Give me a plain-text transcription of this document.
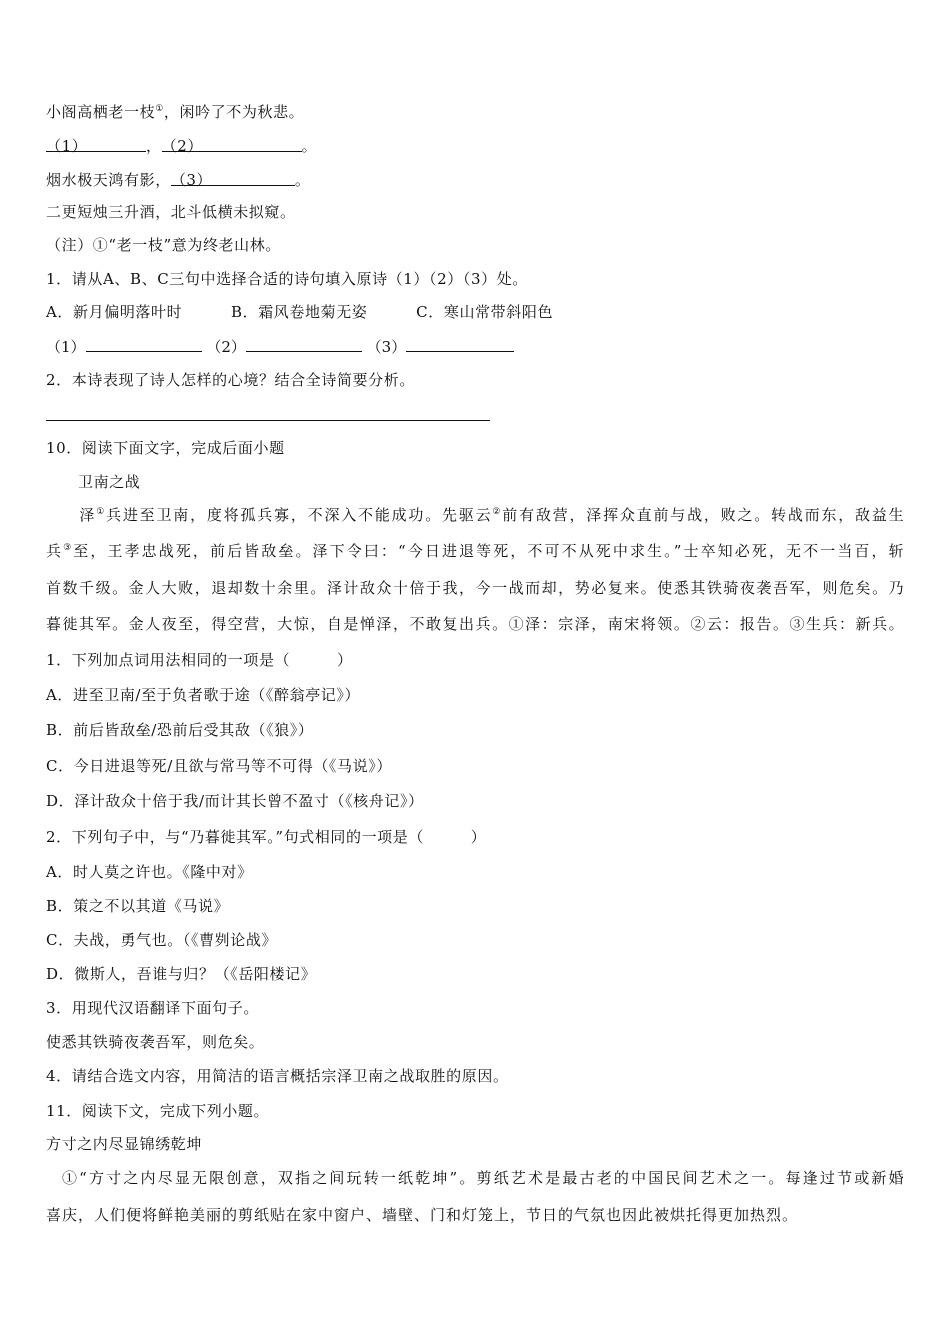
小阁高栖老一枝①，闲吟了不为秋悲。
（1）	，（2）	。
烟水极天鸿有影，（3）	。
二更短烛三升酒，北斗低横未拟窥。
（注）①“老一枝”意为终老山林。
1．请从A、B、C三句中选择合适的诗句填入原诗（1）（2）（3）处。
A．新月偏明落叶时	B．霜风卷地菊无姿	C．寒山常带斜阳色
（1）	（2）	（3）
2．本诗表现了诗人怎样的心境？结合全诗简要分析。
10．阅读下面文字，完成后面小题
卫南之战
泽①兵进至卫南，度将孤兵寡，不深入不能成功。先驱云②前有敌营，泽挥众直前与战，败之。转战而东，敌益生
兵③至，王孝忠战死，前后皆敌垒。泽下令曰：“今日进退等死，不可不从死中求生。”士卒知必死，无不一当百，斩
首数千级。金人大败，退却数十余里。泽计敌众十倍于我，今一战而却，势必复来。使悉其铁骑夜袭吾军，则危矣。乃
暮徙其军。金人夜至，得空营，大惊，自是惮泽，不敢复出兵。①泽：宗泽，南宋将领。②云：报告。③生兵：新兵。
1．下列加点词用法相同的一项是（　　　）
A．进至卫南/至于负者歌于途（《醉翁亭记》）
B．前后皆敌垒/恐前后受其敌（《狼》）
C．今日进退等死/且欲与常马等不可得（《马说》）
D．泽计敌众十倍于我/而计其长曾不盈寸（《核舟记》）
2．下列句子中，与“乃暮徙其军。”句式相同的一项是（　　　）
A．时人莫之许也。《隆中对》
B．策之不以其道《马说》
C．夫战，勇气也。（《曹刿论战》
D．微斯人，吾谁与归？（《岳阳楼记》
3．用现代汉语翻译下面句子。
使悉其铁骑夜袭吾军，则危矣。
4．请结合选文内容，用简洁的语言概括宗泽卫南之战取胜的原因。
11．阅读下文，完成下列小题。
方寸之内尽显锦绣乾坤
①“方寸之内尽显无限创意，双指之间玩转一纸乾坤”。剪纸艺术是最古老的中国民间艺术之一。每逢过节或新婚
喜庆，人们便将鲜艳美丽的剪纸贴在家中窗户、墙壁、门和灯笼上，节日的气氛也因此被烘托得更加热烈。
